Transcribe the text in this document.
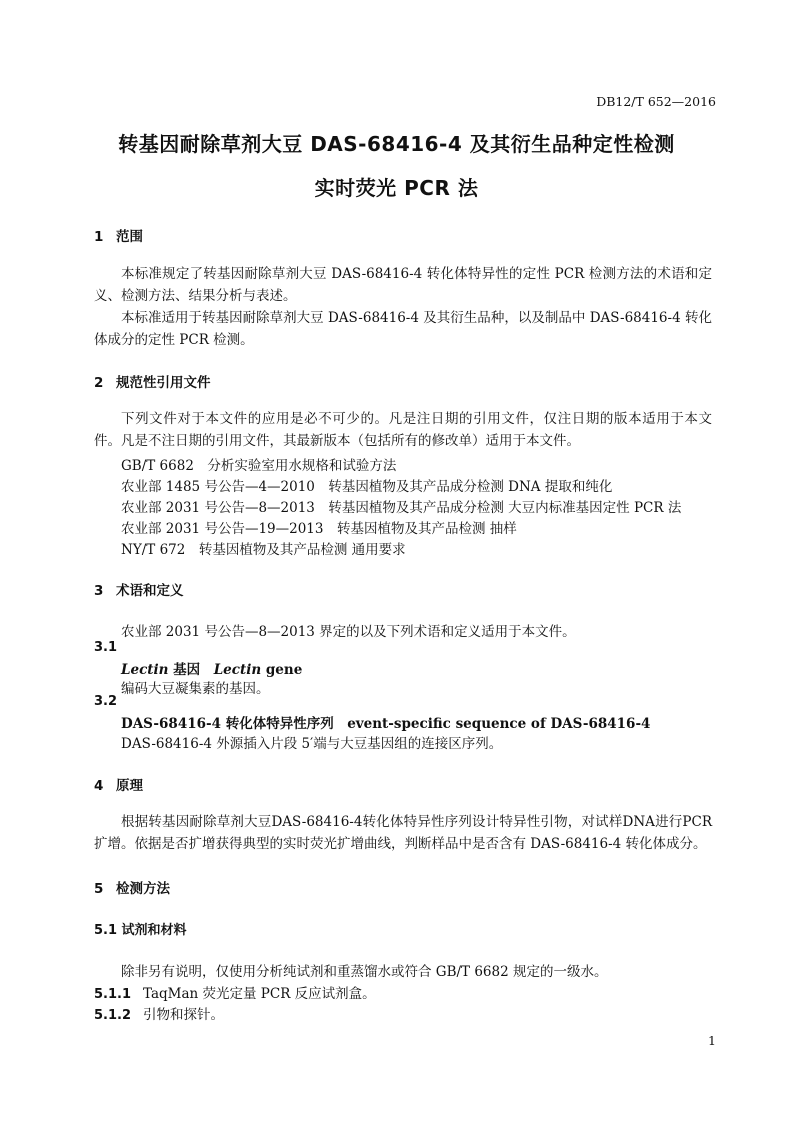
DB12/T 652—2016
转基因耐除草剂大豆 DAS-68416-4 及其衍生品种定性检测
实时荧光 PCR 法
1 范围
本标准规定了转基因耐除草剂大豆 DAS-68416-4 转化体特异性的定性 PCR 检测方法的术语和定义、检测方法、结果分析与表述。
本标准适用于转基因耐除草剂大豆 DAS-68416-4 及其衍生品种，以及制品中 DAS-68416-4 转化体成分的定性 PCR 检测。
2 规范性引用文件
下列文件对于本文件的应用是必不可少的。凡是注日期的引用文件，仅注日期的版本适用于本文件。凡是不注日期的引用文件，其最新版本（包括所有的修改单）适用于本文件。
GB/T 6682　分析实验室用水规格和试验方法
农业部 1485 号公告—4—2010　转基因植物及其产品成分检测 DNA 提取和纯化
农业部 2031 号公告—8—2013　转基因植物及其产品成分检测 大豆内标准基因定性 PCR 法
农业部 2031 号公告—19—2013　转基因植物及其产品检测 抽样
NY/T 672　转基因植物及其产品检测 通用要求
3 术语和定义
农业部 2031 号公告—8—2013 界定的以及下列术语和定义适用于本文件。
3.1
Lectin 基因　Lectin gene
编码大豆凝集素的基因。
3.2
DAS-68416-4 转化体特异性序列　event-specific sequence of DAS-68416-4
DAS-68416-4 外源插入片段 5′端与大豆基因组的连接区序列。
4 原理
根据转基因耐除草剂大豆DAS-68416-4转化体特异性序列设计特异性引物，对试样DNA进行PCR扩增。依据是否扩增获得典型的实时荧光扩增曲线，判断样品中是否含有 DAS-68416-4 转化体成分。
5 检测方法
5.1 试剂和材料
除非另有说明，仅使用分析纯试剂和重蒸馏水或符合 GB/T 6682 规定的一级水。
5.1.1 TaqMan 荧光定量 PCR 反应试剂盒。
5.1.2 引物和探针。
1
